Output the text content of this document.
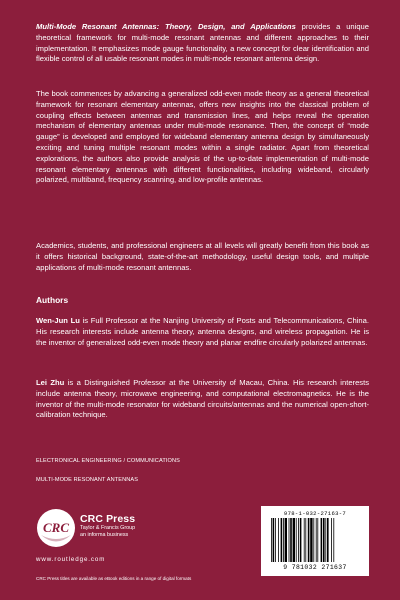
Multi-Mode Resonant Antennas: Theory, Design, and Applications provides a unique theoretical framework for multi-mode resonant antennas and different approaches to their implementation. It emphasizes mode gauge functionality, a new concept for clear identification and flexible control of all usable resonant modes in multi-mode resonant antenna design.

The book commences by advancing a generalized odd-even mode theory as a general theoretical framework for resonant elementary antennas, offers new insights into the classical problem of coupling effects between antennas and transmission lines, and helps reveal the operation mechanism of elementary antennas under multi-mode resonance. Then, the concept of “mode gauge” is developed and employed for wideband elementary antenna design by simultaneously exciting and tuning multiple resonant modes within a single radiator. Apart from theoretical explorations, the authors also provide analysis of the up-to-date implementation of multi-mode resonant elementary antennas with different functionalities, including wideband, circularly polarized, multiband, frequency scanning, and low-profile antennas.

Academics, students, and professional engineers at all levels will greatly benefit from this book as it offers historical background, state-of-the-art methodology, useful design tools, and multiple applications of multi-mode resonant antennas.

Authors

Wen-Jun Lu is Full Professor at the Nanjing University of Posts and Telecommunications, China. His research interests include antenna theory, antenna designs, and wireless propagation. He is the inventor of generalized odd-even mode theory and planar endfire circularly polarized antennas.

Lei Zhu is a Distinguished Professor at the University of Macau, China. His research interests include antenna theory, microwave engineering, and computational electromagnetics. He is the inventor of the multi-mode resonator for wideband circuits/antennas and the numerical open-short-calibration technique.

ELECTRONICAL ENGINEERING / COMMUNICATIONS

MULTI-MODE RESONANT ANTENNAS

CRC
CRC Press
Taylor & Francis Group
an informa business
www.routledge.com
CRC Press titles are available as eBook editions in a range of digital formats
978-1-032-27163-7
9 781032 271637
